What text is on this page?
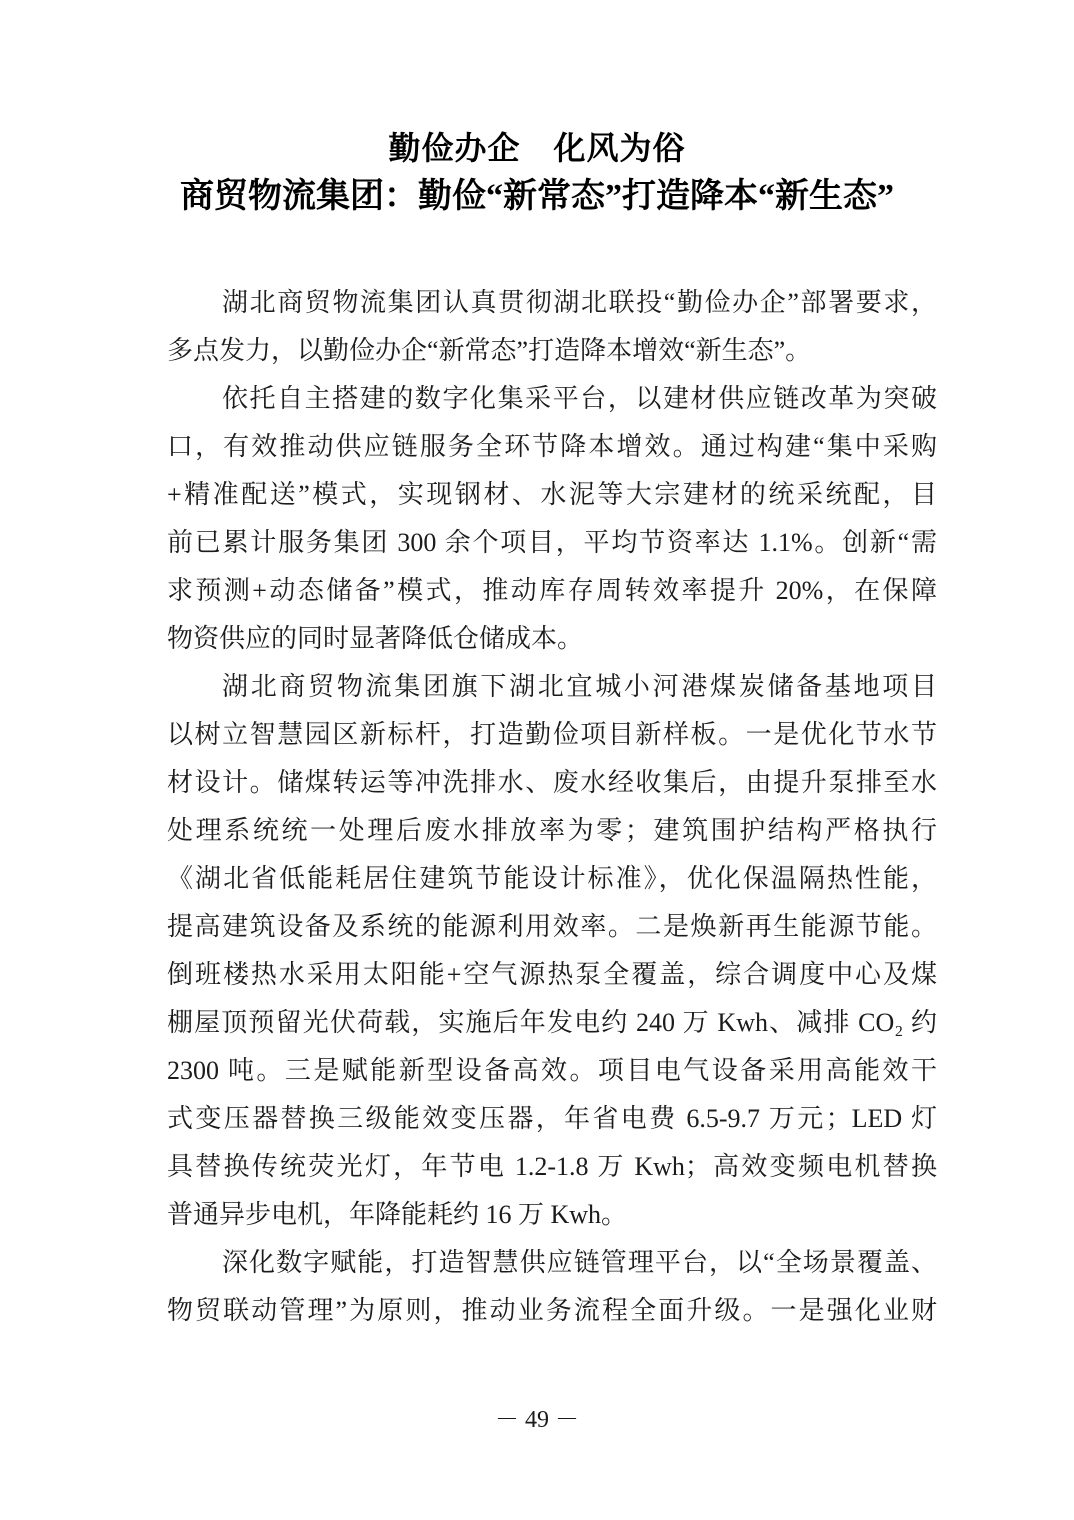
勤俭办企　化风为俗
商贸物流集团：勤俭“新常态”打造降本“新生态”
湖北商贸物流集团认真贯彻湖北联投“勤俭办企”部署要求，
多点发力，以勤俭办企“新常态”打造降本增效“新生态”。
依托自主搭建的数字化集采平台，以建材供应链改革为突破
口，有效推动供应链服务全环节降本增效。通过构建“集中采购
+精准配送”模式，实现钢材、水泥等大宗建材的统采统配，目
前已累计服务集团 300 余个项目，平均节资率达 1.1%。创新“需
求预测+动态储备”模式，推动库存周转效率提升 20%，在保障
物资供应的同时显著降低仓储成本。
湖北商贸物流集团旗下湖北宜城小河港煤炭储备基地项目
以树立智慧园区新标杆，打造勤俭项目新样板。一是优化节水节
材设计。储煤转运等冲洗排水、废水经收集后，由提升泵排至水
处理系统统一处理后废水排放率为零；建筑围护结构严格执行
《湖北省低能耗居住建筑节能设计标准》，优化保温隔热性能，
提高建筑设备及系统的能源利用效率。二是焕新再生能源节能。
倒班楼热水采用太阳能+空气源热泵全覆盖，综合调度中心及煤
棚屋顶预留光伏荷载，实施后年发电约 240 万 Kwh、减排 CO₂ 约
2300 吨。三是赋能新型设备高效。项目电气设备采用高能效干
式变压器替换三级能效变压器，年省电费 6.5-9.7 万元；LED 灯
具替换传统荧光灯，年节电 1.2-1.8 万 Kwh；高效变频电机替换
普通异步电机，年降能耗约 16 万 Kwh。
深化数字赋能，打造智慧供应链管理平台，以“全场景覆盖、
物贸联动管理”为原则，推动业务流程全面升级。一是强化业财
－ 49 －
